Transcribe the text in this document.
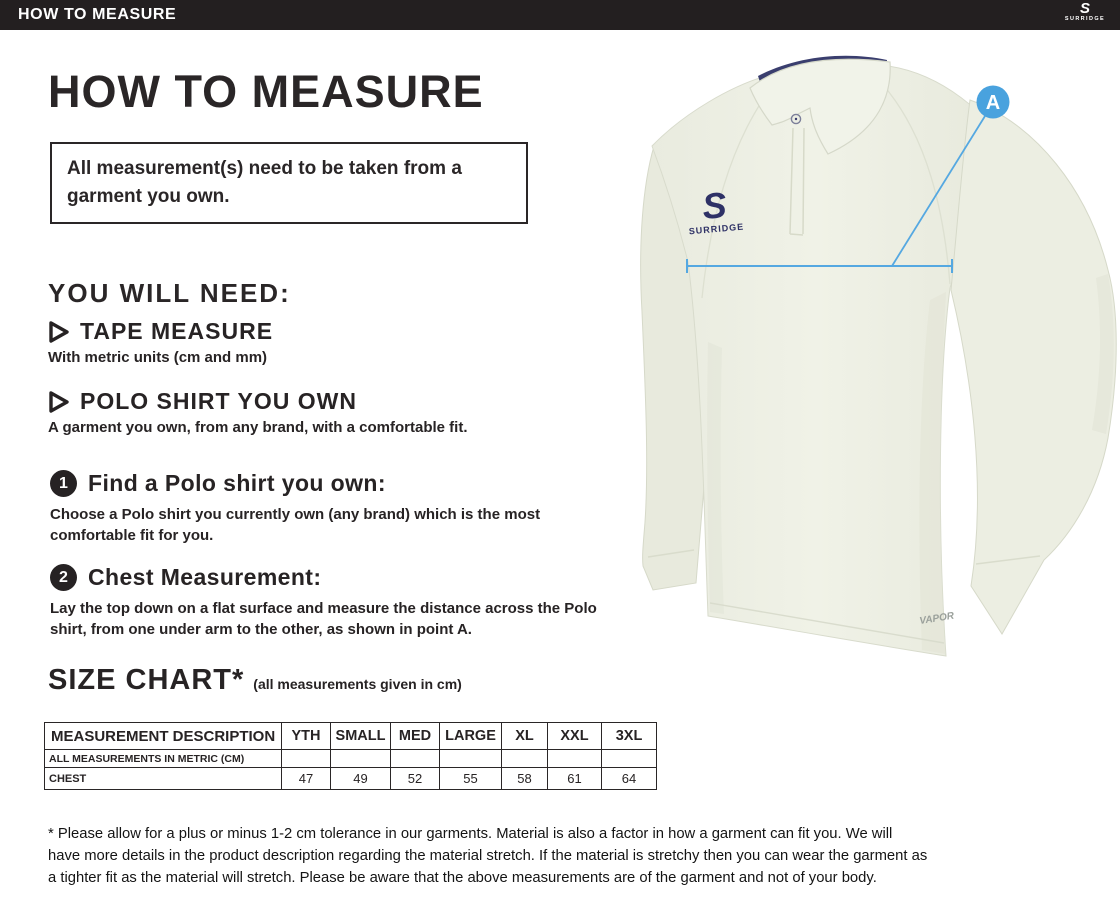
HOW TO MEASURE	S
SURRIDGE
HOW TO MEASURE
All measurement(s) need to be taken from a garment you own.
YOU WILL NEED:
TAPE MEASURE
With metric units (cm and mm)
POLO SHIRT YOU OWN
A garment you own, from any brand, with a comfortable fit.
1 Find a Polo shirt you own:
Choose a Polo shirt you currently own (any brand) which is the most comfortable fit for you.
2 Chest Measurement:
Lay the top down on a flat surface and measure the distance across the Polo shirt, from one under arm to the other, as shown in point A.
SIZE CHART* (all measurements given in cm)
MEASUREMENT DESCRIPTION	YTH	SMALL	MED	LARGE	XL	XXL	3XL
ALL MEASUREMENTS IN METRIC (CM)							
CHEST	47	49	52	55	58	61	64

* Please allow for a plus or minus 1-2 cm tolerance in our garments. Material is also a factor in how a garment can fit you. We will have more details in the product description regarding the material stretch. If the material is stretchy then you can wear the garment as a tighter fit as the material will stretch. Please be aware that the above measurements are of the garment and not of your body.

S
SURRIDGE
VAPOR
A
